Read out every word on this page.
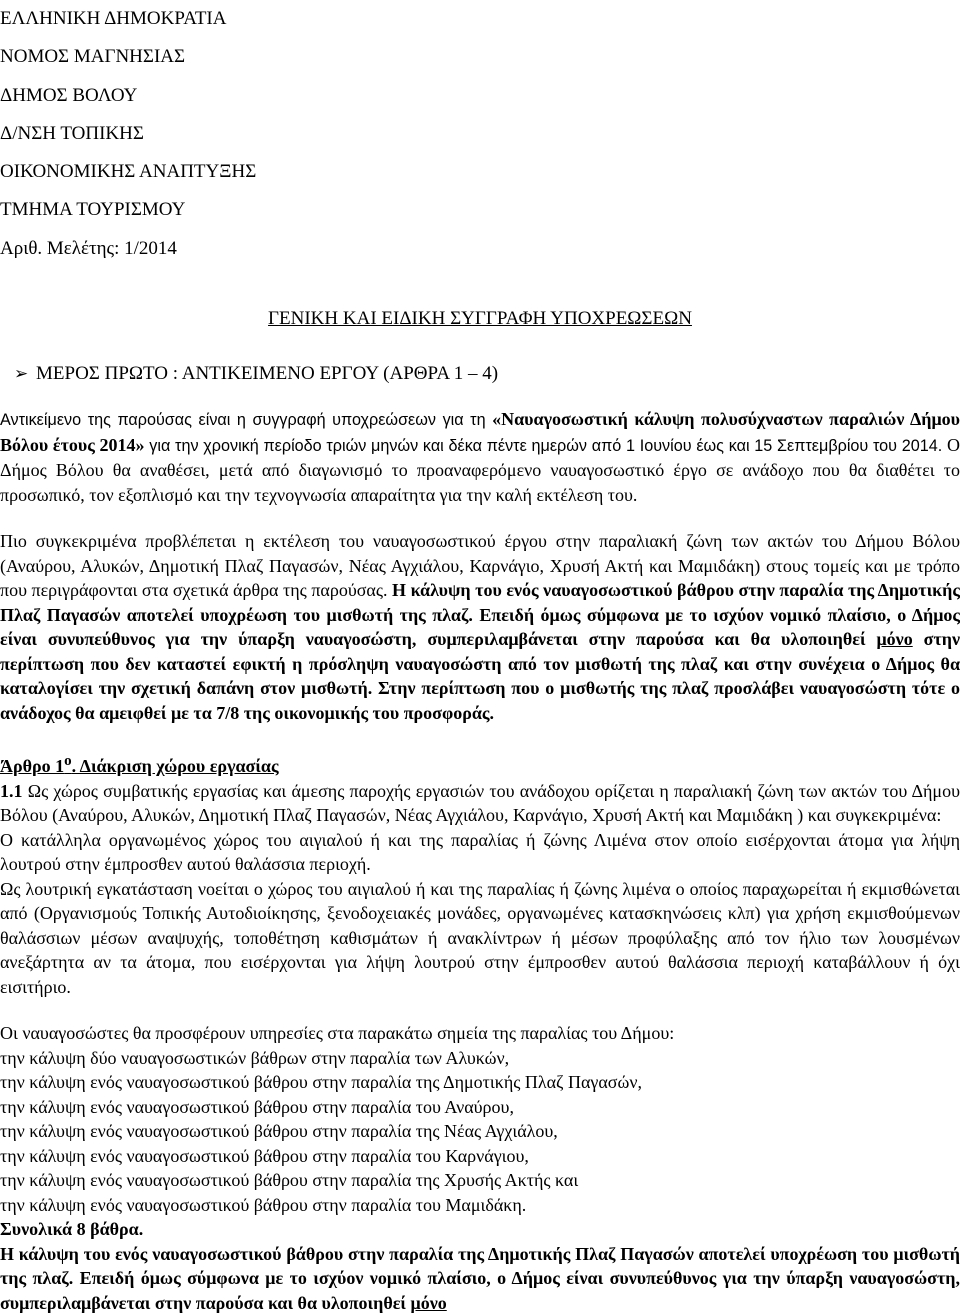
ΕΛΛΗΝΙΚΗ ΔΗΜΟΚΡΑΤΙΑ
ΝΟΜΟΣ ΜΑΓΝΗΣΙΑΣ
ΔΗΜΟΣ ΒΟΛΟΥ
Δ/ΝΣΗ ΤΟΠΙΚΗΣ
ΟΙΚΟΝΟΜΙΚΗΣ ΑΝΑΠΤΥΞΗΣ
ΤΜΗΜΑ ΤΟΥΡΙΣΜΟΥ
Αριθ. Μελέτης: 1/2014
ΓΕΝΙΚΗ ΚΑΙ ΕΙΔΙΚΗ ΣΥΓΓΡΑΦΗ ΥΠΟΧΡΕΩΣΕΩΝ
➢ ΜΕΡΟΣ ΠΡΩΤΟ : ΑΝΤΙΚΕΙΜΕΝΟ ΕΡΓΟΥ (ΑΡΘΡΑ 1 – 4)

Αντικείμενο της παρούσας είναι η συγγραφή υποχρεώσεων για τη «Ναυαγοσωστική κάλυψη πολυσύχναστων παραλιών Δήμου Βόλου έτους 2014» για την χρονική περίοδο τριών μηνών και δέκα πέντε ημερών από 1 Ιουνίου έως και 15 Σεπτεμβρίου του 2014. Ο Δήμος Βόλου θα αναθέσει, μετά από διαγωνισμό το προαναφερόμενο ναυαγοσωστικό έργο σε ανάδοχο που θα διαθέτει το προσωπικό, τον εξοπλισμό και την τεχνογνωσία απαραίτητα για την καλή εκτέλεση του.

Πιο συγκεκριμένα προβλέπεται η εκτέλεση του ναυαγοσωστικού έργου στην παραλιακή ζώνη των ακτών του Δήμου Βόλου (Αναύρου, Αλυκών, Δημοτική Πλαζ Παγασών, Νέας Αγχιάλου, Καρνάγιο, Χρυσή Ακτή και Μαμιδάκη) στους τομείς και με τρόπο που περιγράφονται στα σχετικά άρθρα της παρούσας. Η κάλυψη του ενός ναυαγοσωστικού βάθρου στην παραλία της Δημοτικής Πλαζ Παγασών αποτελεί υποχρέωση του μισθωτή της πλαζ. Επειδή όμως σύμφωνα με το ισχύον νομικό πλαίσιο, ο Δήμος είναι συνυπεύθυνος για την ύπαρξη ναυαγοσώστη, συμπεριλαμβάνεται στην παρούσα και θα υλοποιηθεί μόνο στην περίπτωση που δεν καταστεί εφικτή η πρόσληψη ναυαγοσώστη από τον μισθωτή της πλαζ και στην συνέχεια ο Δήμος θα καταλογίσει την σχετική δαπάνη στον μισθωτή. Στην περίπτωση που ο μισθωτής της πλαζ προσλάβει ναυαγοσώστη τότε ο ανάδοχος θα αμειφθεί με τα 7/8 της οικονομικής του προσφοράς.

Άρθρο $1^o$. Διάκριση χώρου εργασίας

1.1 Ως χώρος συμβατικής εργασίας και άμεσης παροχής εργασιών του ανάδοχου ορίζεται η παραλιακή ζώνη των ακτών του Δήμου Βόλου (Αναύρου, Αλυκών, Δημοτική Πλαζ Παγασών, Νέας Αγχιάλου, Καρνάγιο, Χρυσή Ακτή και Μαμιδάκη ) και συγκεκριμένα:

Ο κατάλληλα οργανωμένος χώρος του αιγιαλού ή και της παραλίας ή ζώνης Λιμένα στον οποίο εισέρχονται άτομα για λήψη λουτρού στην έμπροσθεν αυτού θαλάσσια περιοχή.

Ως λουτρική εγκατάσταση νοείται ο χώρος του αιγιαλού ή και της παραλίας ή ζώνης λιμένα ο οποίος παραχωρείται ή εκμισθώνεται από (Οργανισμούς Τοπικής Αυτοδιοίκησης, ξενοδοχειακές μονάδες, οργανωμένες κατασκηνώσεις κλπ) για χρήση εκμισθούμενων θαλάσσιων μέσων αναψυχής, τοποθέτηση καθισμάτων ή ανακλίντρων ή μέσων προφύλαξης από τον ήλιο των λουσμένων ανεξάρτητα αν τα άτομα, που εισέρχονται για λήψη λουτρού στην έμπροσθεν αυτού θαλάσσια περιοχή καταβάλλουν ή όχι εισιτήριο.

Οι ναυαγοσώστες θα προσφέρουν υπηρεσίες στα παρακάτω σημεία της παραλίας του Δήμου:

την κάλυψη δύο ναυαγοσωστικών βάθρων στην παραλία των Αλυκών,

την κάλυψη ενός ναυαγοσωστικού βάθρου στην παραλία της Δημοτικής Πλαζ Παγασών,

την κάλυψη ενός ναυαγοσωστικού βάθρου στην παραλία του Αναύρου,

την κάλυψη ενός ναυαγοσωστικού βάθρου στην παραλία της Νέας Αγχιάλου,

την κάλυψη ενός ναυαγοσωστικού βάθρου στην παραλία του Καρνάγιου,

την κάλυψη ενός ναυαγοσωστικού βάθρου στην παραλία της Χρυσής Ακτής και

την κάλυψη ενός ναυαγοσωστικού βάθρου στην παραλία του Μαμιδάκη.

Συνολικά 8 βάθρα.

Η κάλυψη του ενός ναυαγοσωστικού βάθρου στην παραλία της Δημοτικής Πλαζ Παγασών αποτελεί υποχρέωση του μισθωτή της πλαζ. Επειδή όμως σύμφωνα με το ισχύον νομικό πλαίσιο, ο Δήμος είναι συνυπεύθυνος για την ύπαρξη ναυαγοσώστη, συμπεριλαμβάνεται στην παρούσα και θα υλοποιηθεί μόνο
